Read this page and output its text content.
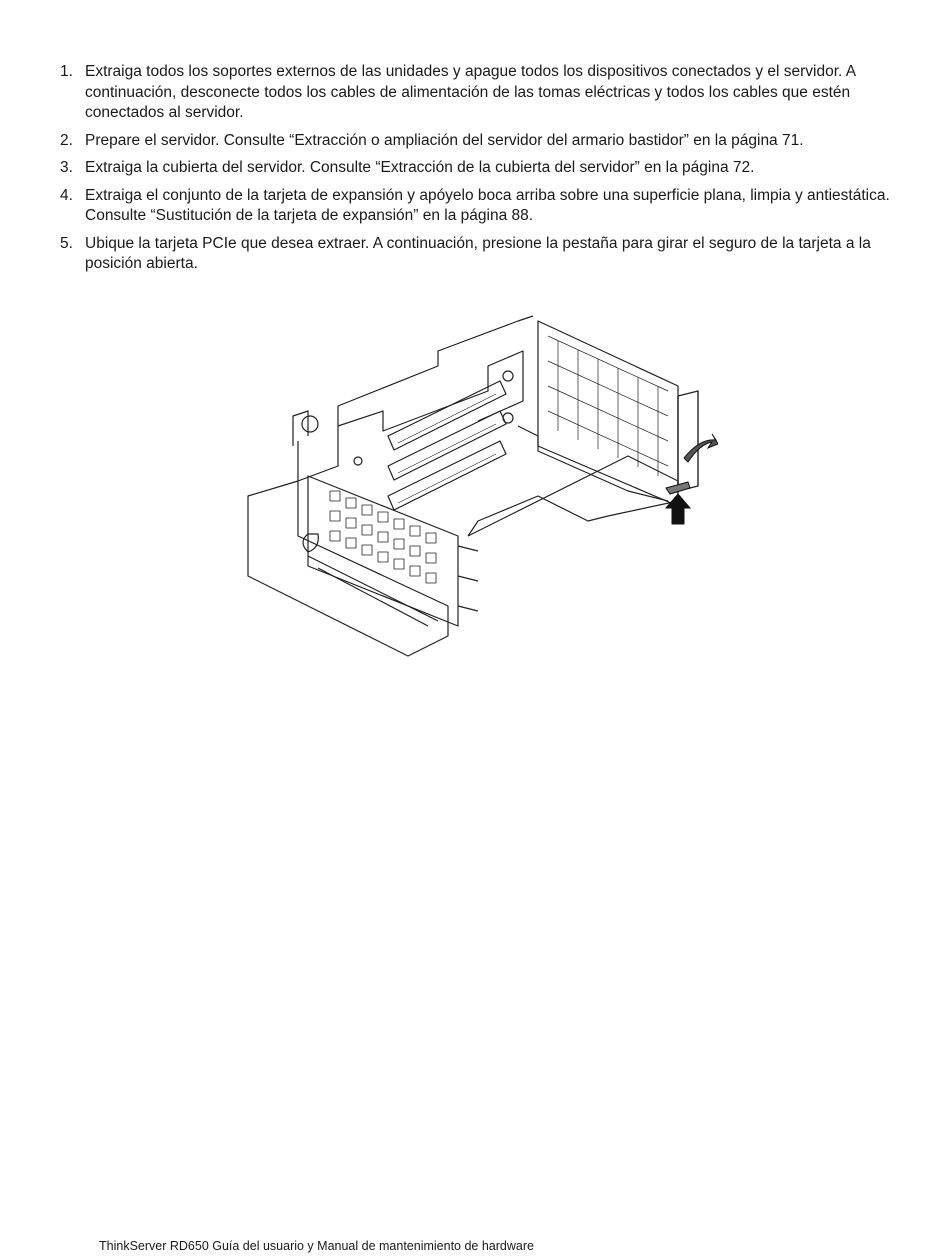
1. Extraiga todos los soportes externos de las unidades y apague todos los dispositivos conectados y el servidor. A continuación, desconecte todos los cables de alimentación de las tomas eléctricas y todos los cables que estén conectados al servidor.
2. Prepare el servidor. Consulte “Extracción o ampliación del servidor del armario bastidor” en la página 71.
3. Extraiga la cubierta del servidor. Consulte “Extracción de la cubierta del servidor” en la página 72.
4. Extraiga el conjunto de la tarjeta de expansión y apóyelo boca arriba sobre una superficie plana, limpia y antiestática. Consulte “Sustitución de la tarjeta de expansión” en la página 88.
5. Ubique la tarjeta PCIe que desea extraer. A continuación, presione la pestaña para girar el seguro de la tarjeta a la posición abierta.
ThinkServer RD650 Guía del usuario y Manual de mantenimiento de hardware
